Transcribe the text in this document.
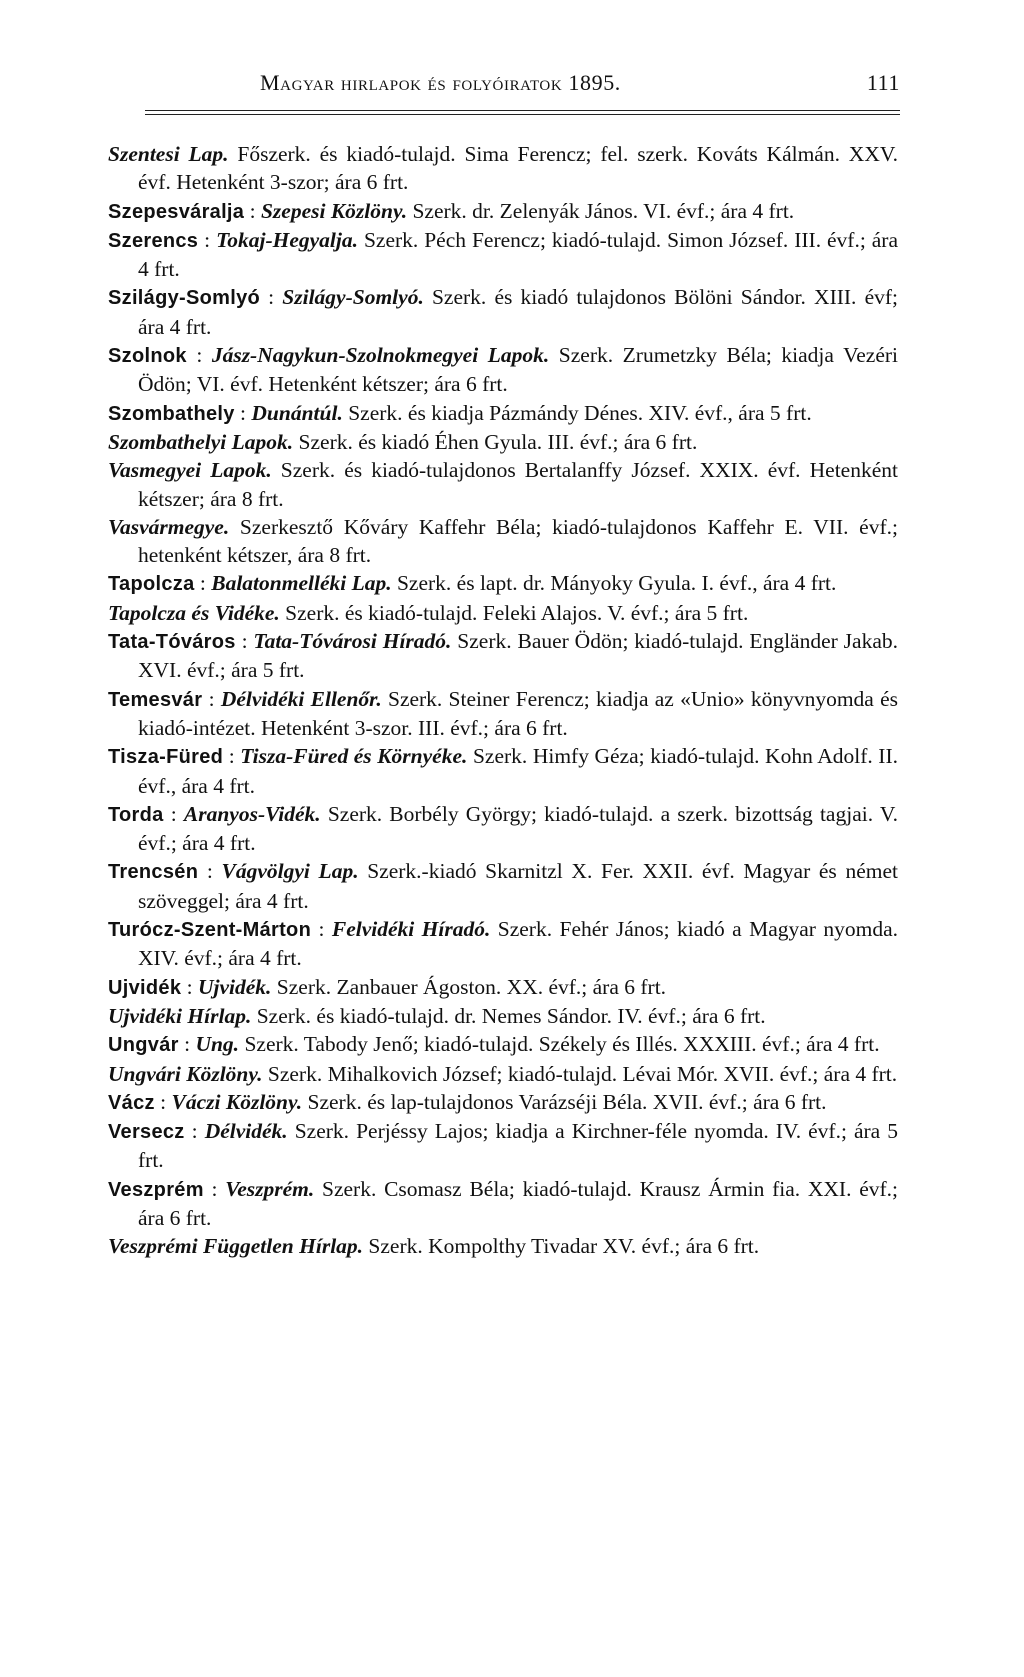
Magyar hirlapok és folyóiratok 1895.	111

Szentesi Lap. Főszerk. és kiadó-tulajd. Sima Ferencz; fel. szerk. Kováts Kálmán. XXV. évf. Hetenként 3-szor; ára 6 frt.

Szepesváralja : Szepesi Közlöny. Szerk. dr. Zelenyák János. VI. évf.; ára 4 frt.

Szerencs : Tokaj-Hegyalja. Szerk. Péch Ferencz; kiadó-tulajd. Simon József. III. évf.; ára 4 frt.

Szilágy-Somlyó : Szilágy-Somlyó. Szerk. és kiadó tulajdonos Bölöni Sándor. XIII. évf; ára 4 frt.

Szolnok : Jász-Nagykun-Szolnokmegyei Lapok. Szerk. Zrumetzky Béla; kiadja Vezéri Ödön; VI. évf. Hetenként kétszer; ára 6 frt.

Szombathely : Dunántúl. Szerk. és kiadja Pázmándy Dénes. XIV. évf., ára 5 frt.

Szombathelyi Lapok. Szerk. és kiadó Éhen Gyula. III. évf.; ára 6 frt.

Vasmegyei Lapok. Szerk. és kiadó-tulajdonos Bertalanffy József. XXIX. évf. Hetenként kétszer; ára 8 frt.

Vasvármegye. Szerkesztő Kőváry Kaffehr Béla; kiadó-tulajdonos Kaffehr E. VII. évf.; hetenként kétszer, ára 8 frt.

Tapolcza : Balatonmelléki Lap. Szerk. és lapt. dr. Mányoky Gyula. I. évf., ára 4 frt.

Tapolcza és Vidéke. Szerk. és kiadó-tulajd. Feleki Alajos. V. évf.; ára 5 frt.

Tata-Tóváros : Tata-Tóvárosi Híradó. Szerk. Bauer Ödön; kiadó-tulajd. Engländer Jakab. XVI. évf.; ára 5 frt.

Temesvár : Délvidéki Ellenőr. Szerk. Steiner Ferencz; kiadja az «Unio» könyvnyomda és kiadó-intézet. Hetenként 3-szor. III. évf.; ára 6 frt.

Tisza-Füred : Tisza-Füred és Környéke. Szerk. Himfy Géza; kiadó-tulajd. Kohn Adolf. II. évf., ára 4 frt.

Torda : Aranyos-Vidék. Szerk. Borbély György; kiadó-tulajd. a szerk. bizottság tagjai. V. évf.; ára 4 frt.

Trencsén : Vágvölgyi Lap. Szerk.-kiadó Skarnitzl X. Fer. XXII. évf. Magyar és német szöveggel; ára 4 frt.

Turócz-Szent-Márton : Felvidéki Híradó. Szerk. Fehér János; kiadó a Magyar nyomda. XIV. évf.; ára 4 frt.

Ujvidék : Ujvidék. Szerk. Zanbauer Ágoston. XX. évf.; ára 6 frt.

Ujvidéki Hírlap. Szerk. és kiadó-tulajd. dr. Nemes Sándor. IV. évf.; ára 6 frt.

Ungvár : Ung. Szerk. Tabody Jenő; kiadó-tulajd. Székely és Illés. XXXIII. évf.; ára 4 frt.

Ungvári Közlöny. Szerk. Mihalkovich József; kiadó-tulajd. Lévai Mór. XVII. évf.; ára 4 frt.

Vácz : Váczi Közlöny. Szerk. és lap-tulajdonos Varázséji Béla. XVII. évf.; ára 6 frt.

Versecz : Délvidék. Szerk. Perjéssy Lajos; kiadja a Kirchner-féle nyomda. IV. évf.; ára 5 frt.

Veszprém : Veszprém. Szerk. Csomasz Béla; kiadó-tulajd. Krausz Ármin fia. XXI. évf.; ára 6 frt.

Veszprémi Független Hírlap. Szerk. Kompolthy Tivadar XV. évf.; ára 6 frt.
